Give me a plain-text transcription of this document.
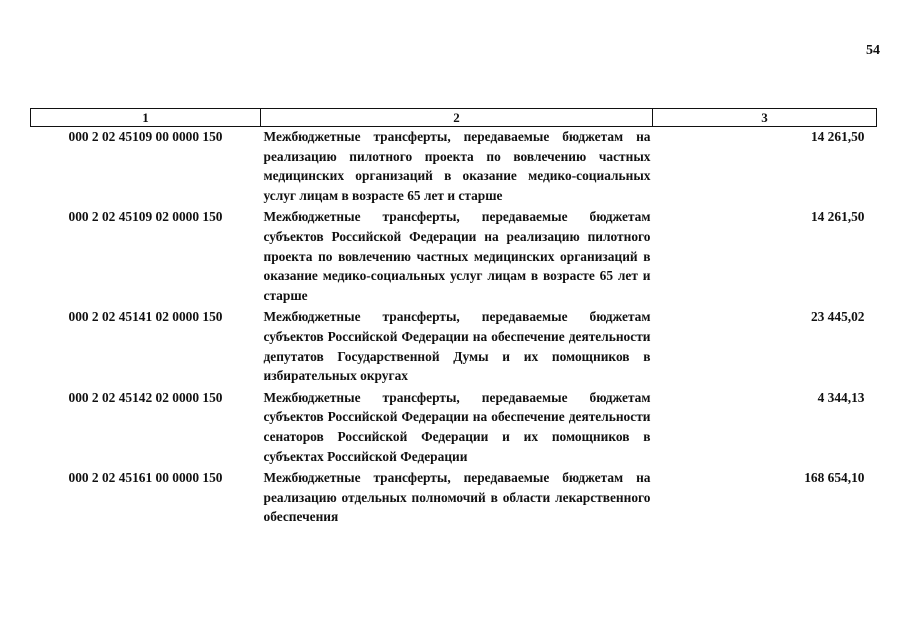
54
1	2	3
000 2 02 45109 00 0000 150	Межбюджетные трансферты, передаваемые бюджетам на реализацию пилотного проекта по вовлечению частных медицинских организаций в оказание медико-социальных услуг лицам в возрасте 65 лет и старше	14 261,50
000 2 02 45109 02 0000 150	Межбюджетные трансферты, передаваемые бюджетам субъектов Российской Федерации на реализацию пилотного проекта по вовлечению частных медицинских организаций в оказание медико-социальных услуг лицам в возрасте 65 лет и старше	14 261,50
000 2 02 45141 02 0000 150	Межбюджетные трансферты, передаваемые бюджетам субъектов Российской Федерации на обеспечение деятельности депутатов Государственной Думы и их помощников в избирательных округах	23 445,02
000 2 02 45142 02 0000 150	Межбюджетные трансферты, передаваемые бюджетам субъектов Российской Федерации на обеспечение деятельности сенаторов Российской Федерации и их помощников в субъектах Российской Федерации	4 344,13
000 2 02 45161 00 0000 150	Межбюджетные трансферты, передаваемые бюджетам на реализацию отдельных полномочий в области лекарственного обеспечения	168 654,10
